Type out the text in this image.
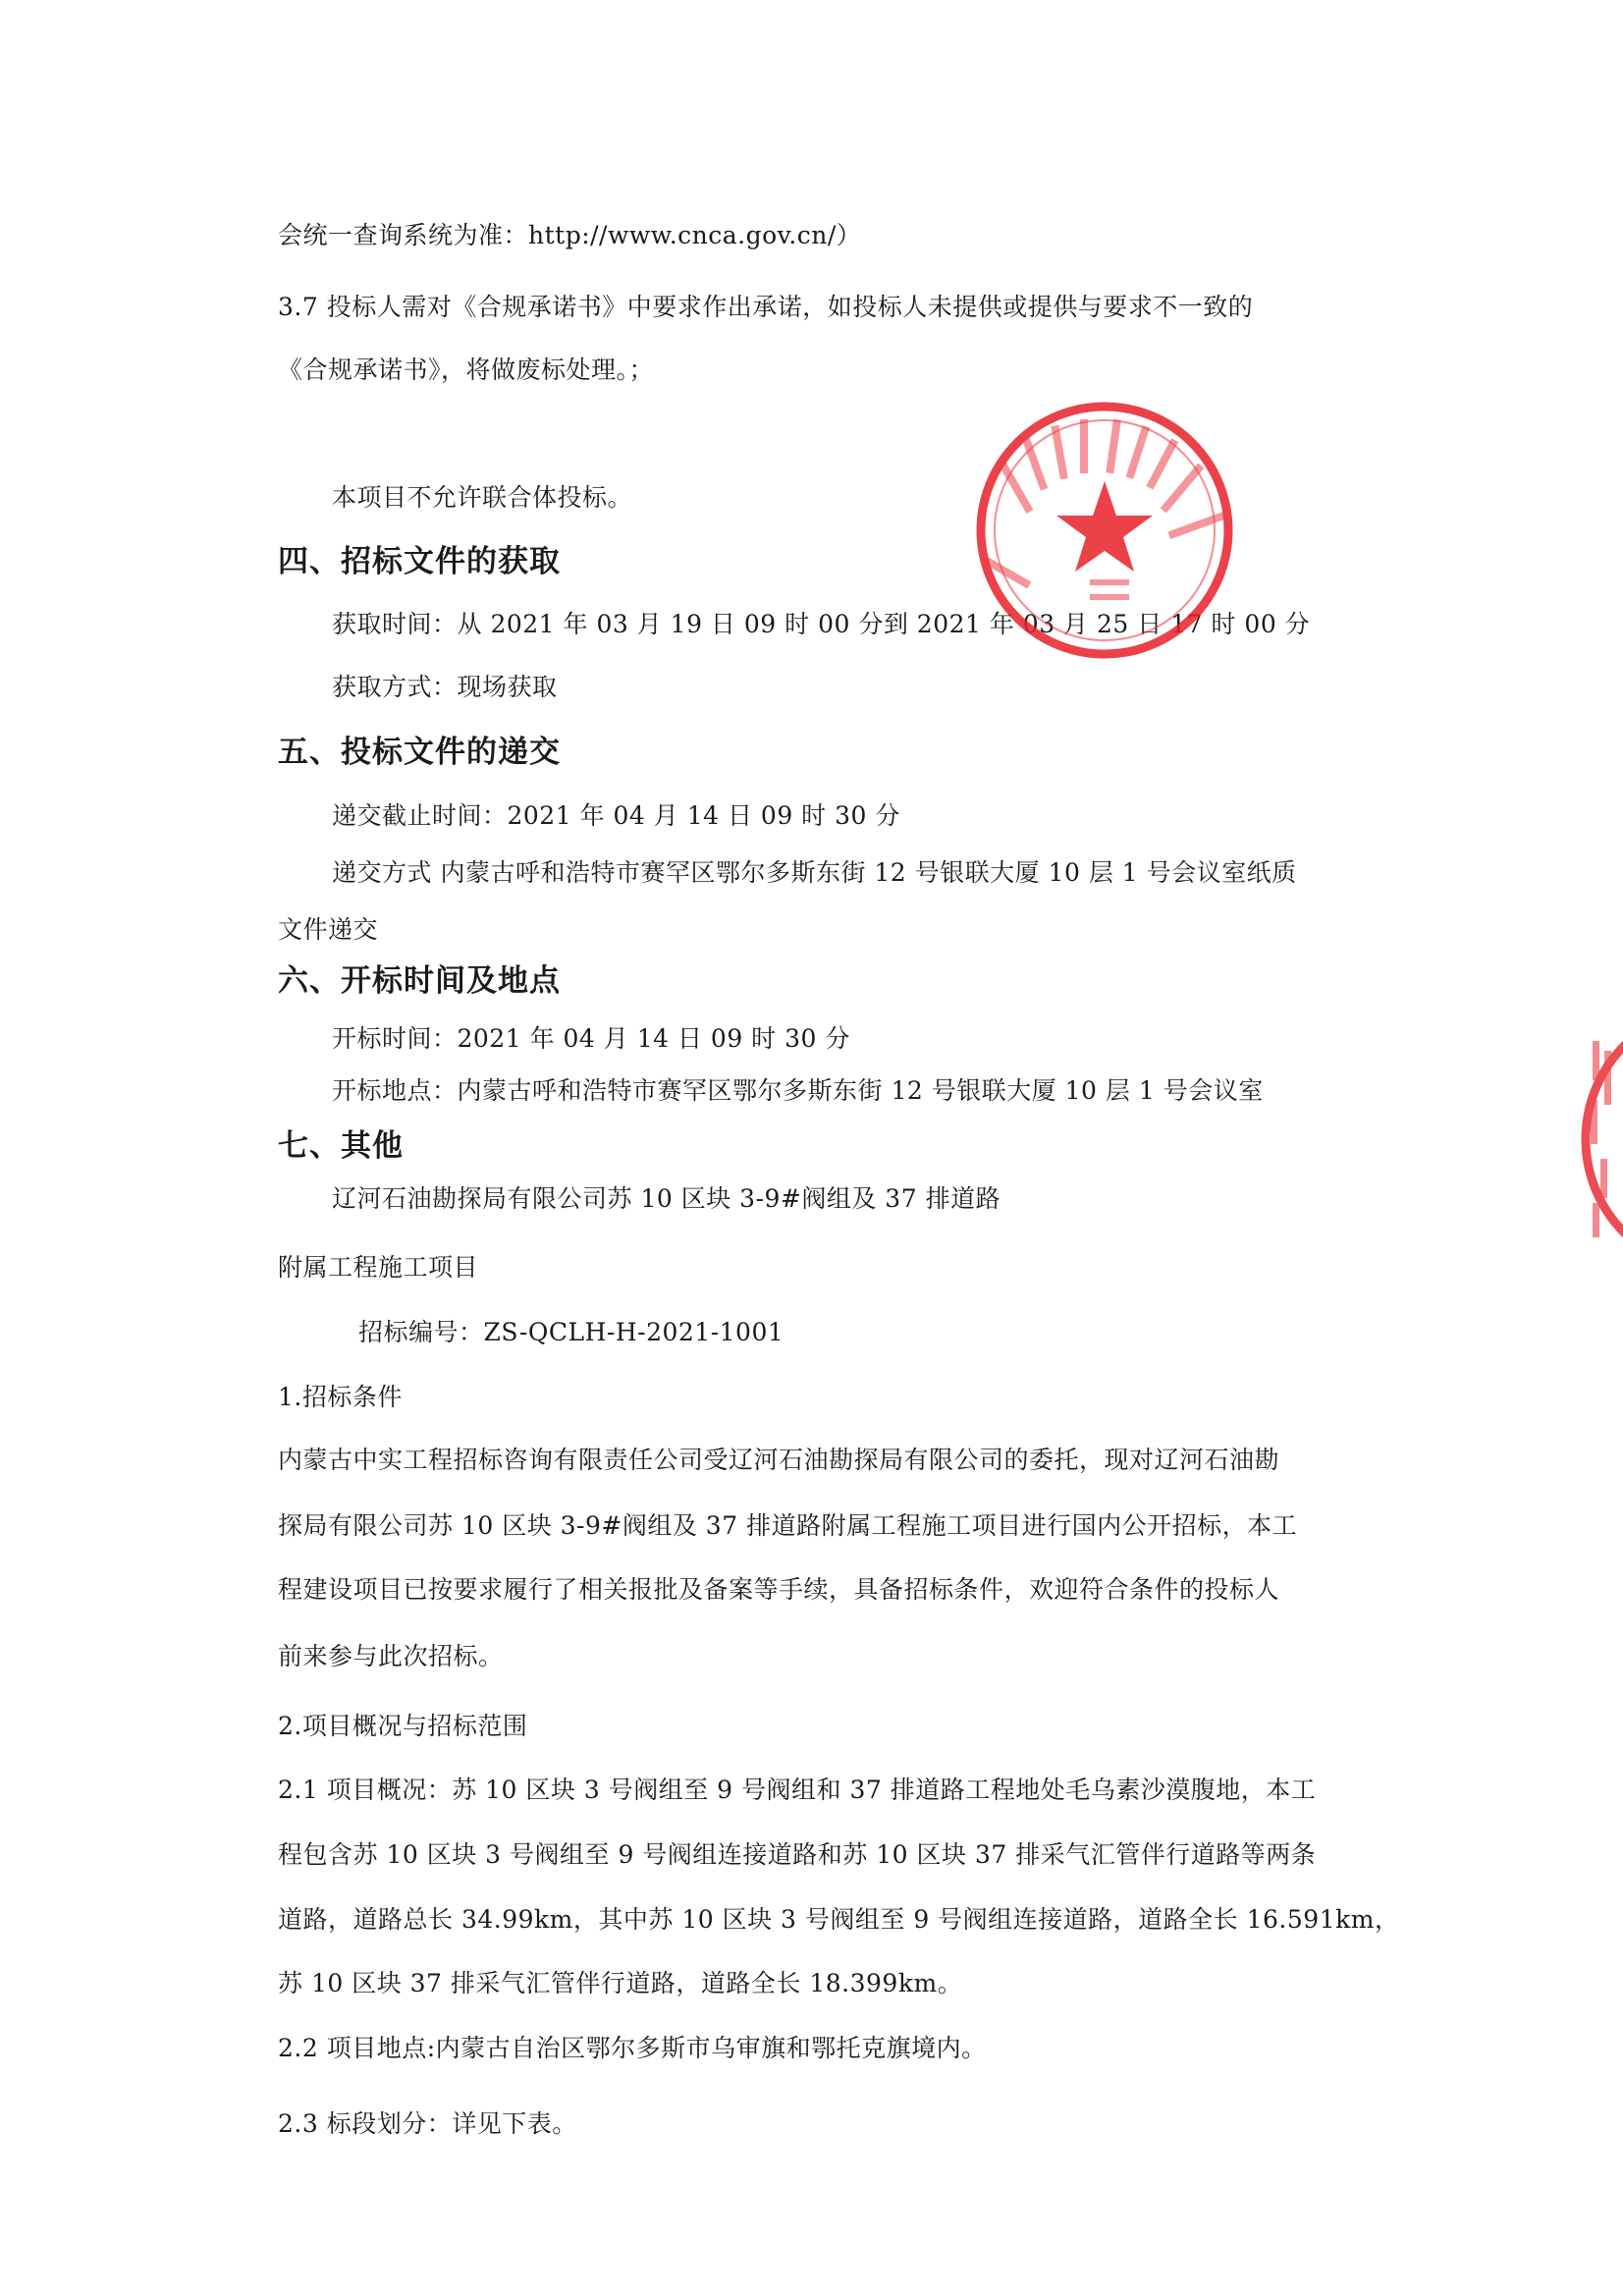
会统一查询系统为准：http://www.cnca.gov.cn/）
3.7 投标人需对《合规承诺书》中要求作出承诺，如投标人未提供或提供与要求不一致的
《合规承诺书》，将做废标处理。；
本项目不允许联合体投标。
四、招标文件的获取
获取时间：从 2021 年 03 月 19 日 09 时 00 分到 2021 年 03 月 25 日 17 时 00 分
获取方式：现场获取
五、投标文件的递交
递交截止时间：2021 年 04 月 14 日 09 时 30 分
递交方式 内蒙古呼和浩特市赛罕区鄂尔多斯东街 12 号银联大厦 10 层 1 号会议室纸质
文件递交
六、开标时间及地点
开标时间：2021 年 04 月 14 日 09 时 30 分
开标地点：内蒙古呼和浩特市赛罕区鄂尔多斯东街 12 号银联大厦 10 层 1 号会议室
七、其他
辽河石油勘探局有限公司苏 10 区块 3-9#阀组及 37 排道路
附属工程施工项目
招标编号：ZS-QCLH-H-2021-1001
1.招标条件
内蒙古中实工程招标咨询有限责任公司受辽河石油勘探局有限公司的委托，现对辽河石油勘
探局有限公司苏 10 区块 3-9#阀组及 37 排道路附属工程施工项目进行国内公开招标，本工
程建设项目已按要求履行了相关报批及备案等手续，具备招标条件，欢迎符合条件的投标人
前来参与此次招标。
2.项目概况与招标范围
2.1 项目概况：苏 10 区块 3 号阀组至 9 号阀组和 37 排道路工程地处毛乌素沙漠腹地，本工
程包含苏 10 区块 3 号阀组至 9 号阀组连接道路和苏 10 区块 37 排采气汇管伴行道路等两条
道路，道路总长 34.99km，其中苏 10 区块 3 号阀组至 9 号阀组连接道路，道路全长 16.591km，
苏 10 区块 37 排采气汇管伴行道路，道路全长 18.399km。
2.2 项目地点:内蒙古自治区鄂尔多斯市乌审旗和鄂托克旗境内。
2.3 标段划分：详见下表。
